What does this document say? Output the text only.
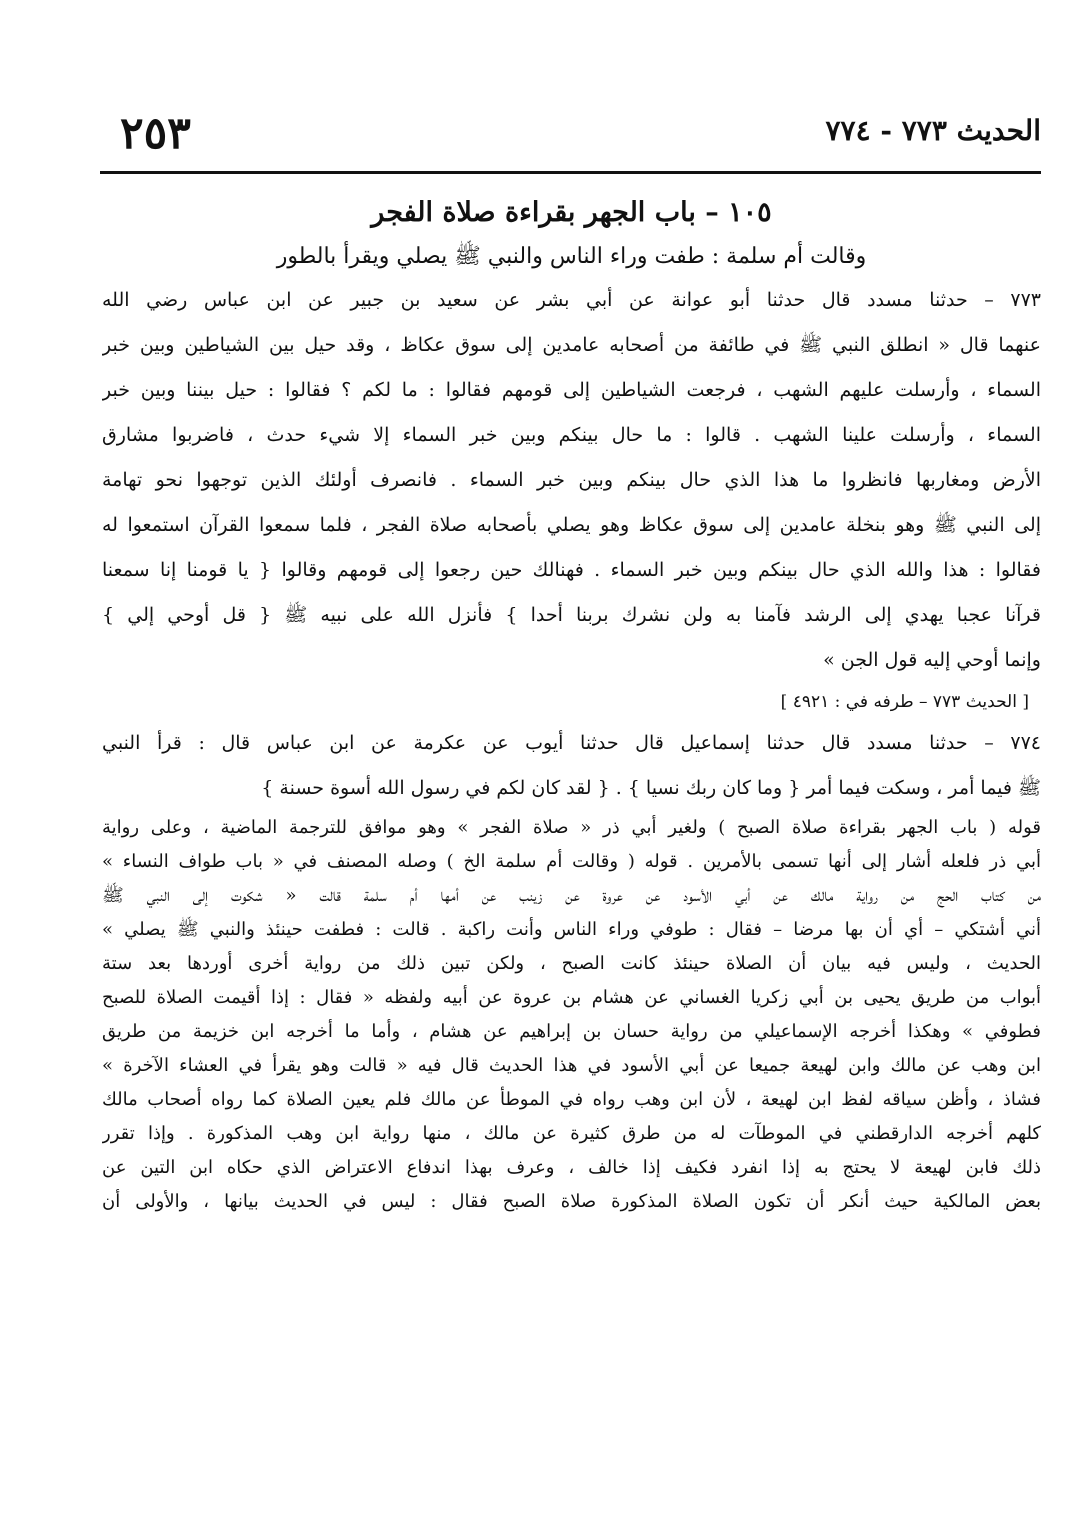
٢٥٣	الحديث ٧٧٣ - ٧٧٤
١٠٥ – باب الجهر بقراءة صلاة الفجر
وقالت أم سلمة : طفت وراء الناس والنبي ﷺ يصلي ويقرأ بالطور
٧٧٣ – حدثنا مسدد قال حدثنا أبو عوانة عن أبي بشر عن سعيد بن جبير عن ابن عباس رضي الله
عنهما قال « انطلق النبي ﷺ في طائفة من أصحابه عامدين إلى سوق عكاظ ، وقد حيل بين الشياطين وبين خبر
السماء ، وأرسلت عليهم الشهب ، فرجعت الشياطين إلى قومهم فقالوا : ما لكم ؟ فقالوا : حيل بيننا وبين خبر
السماء ، وأرسلت علينا الشهب . قالوا : ما حال بينكم وبين خبر السماء إلا شيء حدث ، فاضربوا مشارق
الأرض ومغاربها فانظروا ما هذا الذي حال بينكم وبين خبر السماء . فانصرف أولئك الذين توجهوا نحو تهامة
إلى النبي ﷺ وهو بنخلة عامدين إلى سوق عكاظ وهو يصلي بأصحابه صلاة الفجر ، فلما سمعوا القرآن استمعوا له
فقالوا : هذا والله الذي حال بينكم وبين خبر السماء . فهنالك حين رجعوا إلى قومهم وقالوا { يا قومنا إنا سمعنا
قرآنا عجبا يهدي إلى الرشد فآمنا به ولن نشرك بربنا أحدا } فأنزل الله على نبيه ﷺ { قل أوحي إلي }
وإنما أوحي إليه قول الجن »
[ الحديث ٧٧٣ – طرفه في : ٤٩٢١ ]
٧٧٤ – حدثنا مسدد قال حدثنا إسماعيل قال حدثنا أيوب عن عكرمة عن ابن عباس قال : قرأ النبي
ﷺ فيما أمر ، وسكت فيما أمر { وما كان ربك نسيا } . { لقد كان لكم في رسول الله أسوة حسنة }
قوله ( باب الجهر بقراءة صلاة الصبح ) ولغير أبي ذر « صلاة الفجر » وهو موافق للترجمة الماضية ، وعلى رواية
أبي ذر فلعله أشار إلى أنها تسمى بالأمرين . قوله ( وقالت أم سلمة الخ ) وصله المصنف في « باب طواف النساء »
من كتاب الحج من رواية مالك عن أبي الأسود عن عروة عن زينب عن أمها أم سلمة قالت « شكوت إلى النبي ﷺ
أني أشتكي – أي أن بها مرضا – فقال : طوفي وراء الناس وأنت راكبة . قالت : فطفت حينئذ والنبي ﷺ يصلي »
الحديث ، وليس فيه بيان أن الصلاة حينئذ كانت الصبح ، ولكن تبين ذلك من رواية أخرى أوردها بعد ستة
أبواب من طريق يحيى بن أبي زكريا الغساني عن هشام بن عروة عن أبيه ولفظه « فقال : إذا أقيمت الصلاة للصبح
فطوفي » وهكذا أخرجه الإسماعيلي من رواية حسان بن إبراهيم عن هشام ، وأما ما أخرجه ابن خزيمة من طريق
ابن وهب عن مالك وابن لهيعة جميعا عن أبي الأسود في هذا الحديث قال فيه « قالت وهو يقرأ في العشاء الآخرة »
فشاذ ، وأظن سياقه لفظ ابن لهيعة ، لأن ابن وهب رواه في الموطأ عن مالك فلم يعين الصلاة كما رواه أصحاب مالك
كلهم أخرجه الدارقطني في الموطآت له من طرق كثيرة عن مالك ، منها رواية ابن وهب المذكورة . وإذا تقرر
ذلك فابن لهيعة لا يحتج به إذا انفرد فكيف إذا خالف ، وعرف بهذا اندفاع الاعتراض الذي حكاه ابن التين عن
بعض المالكية حيث أنكر أن تكون الصلاة المذكورة صلاة الصبح فقال : ليس في الحديث بيانها ، والأولى أن
